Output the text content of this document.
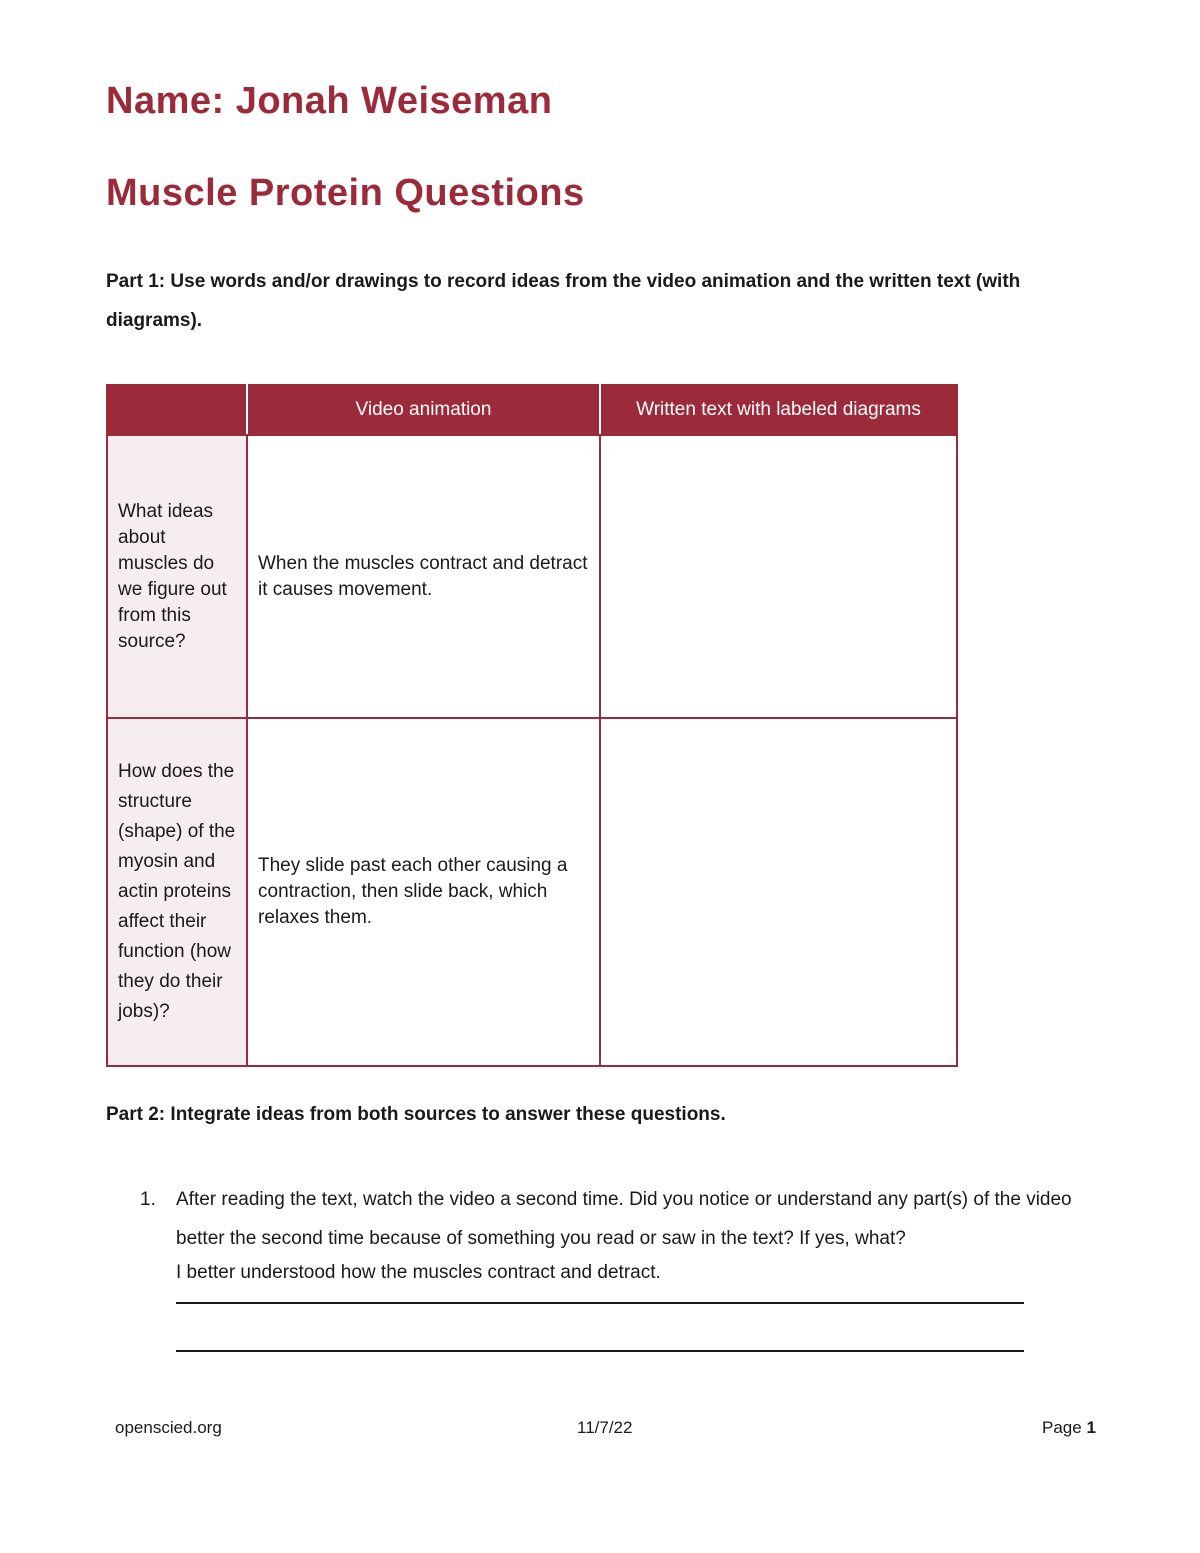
Name: Jonah Weiseman
Muscle Protein Questions

Part 1: Use words and/or drawings to record ideas from the video animation and the written text (with diagrams).

	Video animation	Written text with labeled diagrams

What ideas about muscles do we figure out from this source?	When the muscles contract and detract it causes movement.	

How does the structure (shape) of the myosin and actin proteins affect their function (how they do their jobs)?	They slide past each other causing a contraction, then slide back, which relaxes them.	

Part 2: Integrate ideas from both sources to answer these questions.

1.	After reading the text, watch the video a second time. Did you notice or understand any part(s) of the video better the second time because of something you read or saw in the text? If yes, what?
I better understood how the muscles contract and detract.
openscied.org	11/7/22	Page 1
